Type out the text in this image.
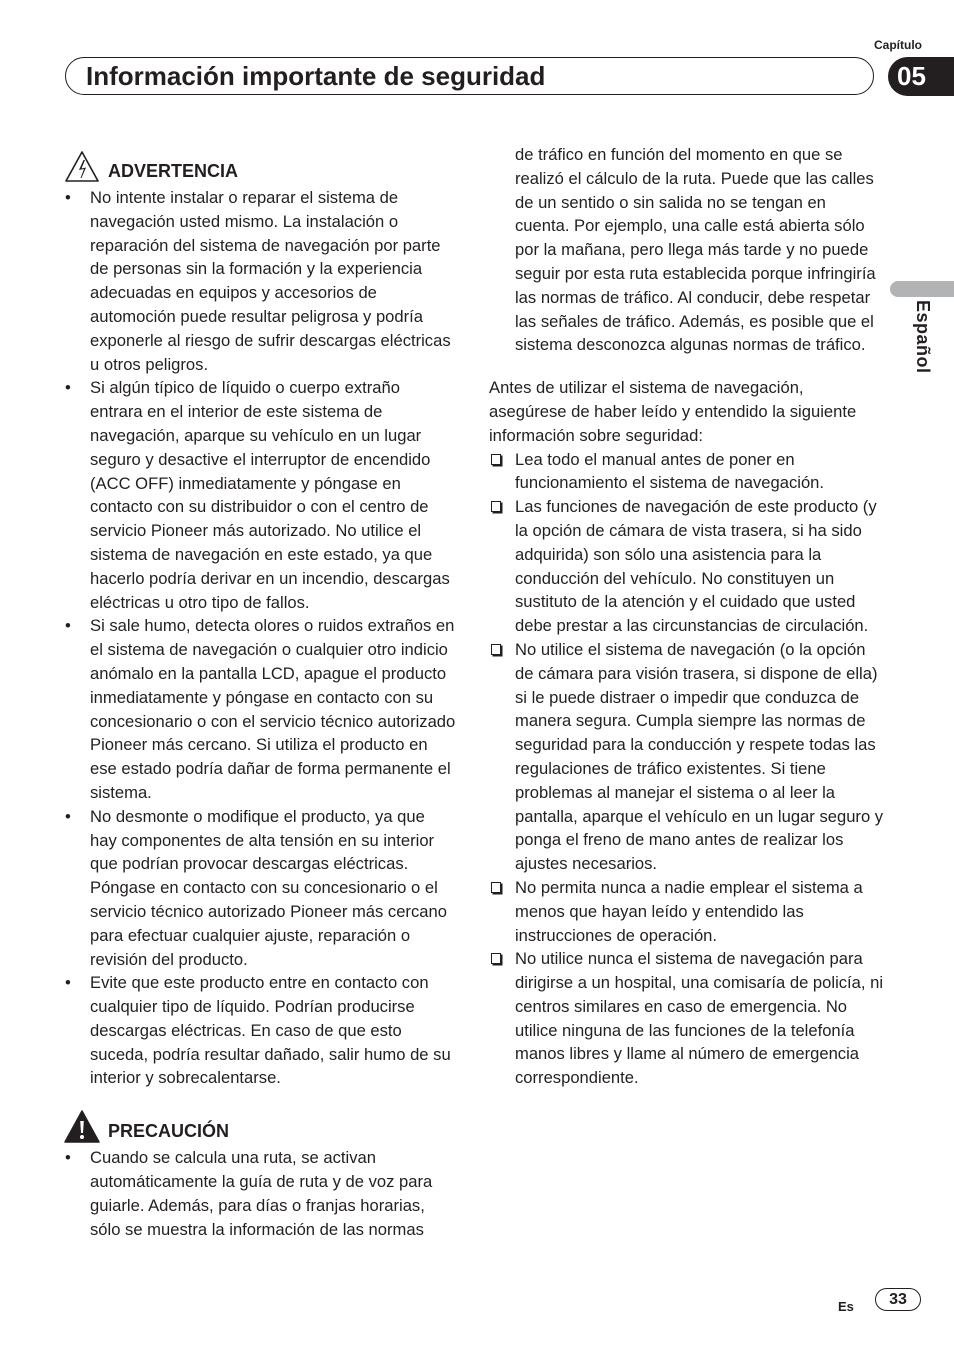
Capítulo
Información importante de seguridad	05
Español
ADVERTENCIA
• No intente instalar o reparar el sistema de navegación usted mismo. La instalación o reparación del sistema de navegación por parte de personas sin la formación y la experiencia adecuadas en equipos y accesorios de automoción puede resultar peligrosa y podría exponerle al riesgo de sufrir descargas eléctricas u otros peligros.
• Si algún típico de líquido o cuerpo extraño entrara en el interior de este sistema de navegación, aparque su vehículo en un lugar seguro y desactive el interruptor de encendido (ACC OFF) inmediatamente y póngase en contacto con su distribuidor o con el centro de servicio Pioneer más autorizado. No utilice el sistema de navegación en este estado, ya que hacerlo podría derivar en un incendio, descargas eléctricas u otro tipo de fallos.
• Si sale humo, detecta olores o ruidos extraños en el sistema de navegación o cualquier otro indicio anómalo en la pantalla LCD, apague el producto inmediatamente y póngase en contacto con su concesionario o con el servicio técnico autorizado Pioneer más cercano. Si utiliza el producto en ese estado podría dañar de forma permanente el sistema.
• No desmonte o modifique el producto, ya que hay componentes de alta tensión en su interior que podrían provocar descargas eléctricas. Póngase en contacto con su concesionario o el servicio técnico autorizado Pioneer más cercano para efectuar cualquier ajuste, reparación o revisión del producto.
• Evite que este producto entre en contacto con cualquier tipo de líquido. Podrían producirse descargas eléctricas. En caso de que esto suceda, podría resultar dañado, salir humo de su interior y sobrecalentarse.
PRECAUCIÓN
• Cuando se calcula una ruta, se activan automáticamente la guía de ruta y de voz para guiarle. Además, para días o franjas horarias, sólo se muestra la información de las normas
de tráfico en función del momento en que se realizó el cálculo de la ruta. Puede que las calles de un sentido o sin salida no se tengan en cuenta. Por ejemplo, una calle está abierta sólo por la mañana, pero llega más tarde y no puede seguir por esta ruta establecida porque infringiría las normas de tráfico. Al conducir, debe respetar las señales de tráfico. Además, es posible que el sistema desconozca algunas normas de tráfico.

Antes de utilizar el sistema de navegación, asegúrese de haber leído y entendido la siguiente información sobre seguridad:

Lea todo el manual antes de poner en funcionamiento el sistema de navegación.
Las funciones de navegación de este producto (y la opción de cámara de vista trasera, si ha sido adquirida) son sólo una asistencia para la conducción del vehículo. No constituyen un sustituto de la atención y el cuidado que usted debe prestar a las circunstancias de circulación.
No utilice el sistema de navegación (o la opción de cámara para visión trasera, si dispone de ella) si le puede distraer o impedir que conduzca de manera segura. Cumpla siempre las normas de seguridad para la conducción y respete todas las regulaciones de tráfico existentes. Si tiene problemas al manejar el sistema o al leer la pantalla, aparque el vehículo en un lugar seguro y ponga el freno de mano antes de realizar los ajustes necesarios.
No permita nunca a nadie emplear el sistema a menos que hayan leído y entendido las instrucciones de operación.
No utilice nunca el sistema de navegación para dirigirse a un hospital, una comisaría de policía, ni centros similares en caso de emergencia. No utilice ninguna de las funciones de la telefonía manos libres y llame al número de emergencia correspondiente.
Es	33
